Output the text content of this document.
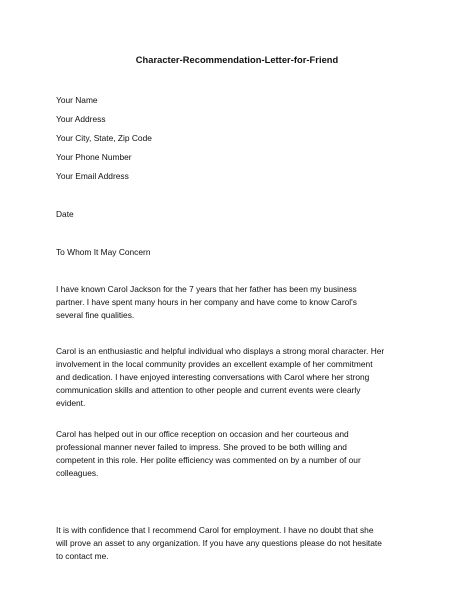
Character-Recommendation-Letter-for-Friend
Your Name
Your Address
Your City, State, Zip Code
Your Phone Number
Your Email Address
Date
To Whom It May Concern
I have known Carol Jackson for the 7 years that her father has been my business
partner. I have spent many hours in her company and have come to know Carol's
several fine qualities.
Carol is an enthusiastic and helpful individual who displays a strong moral character. Her
involvement in the local community provides an excellent example of her commitment
and dedication. I have enjoyed interesting conversations with Carol where her strong
communication skills and attention to other people and current events were clearly
evident.
Carol has helped out in our office reception on occasion and her courteous and
professional manner never failed to impress. She proved to be both willing and
competent in this role. Her polite efficiency was commented on by a number of our
colleagues.
It is with confidence that I recommend Carol for employment. I have no doubt that she
will prove an asset to any organization. If you have any questions please do not hesitate
to contact me.
